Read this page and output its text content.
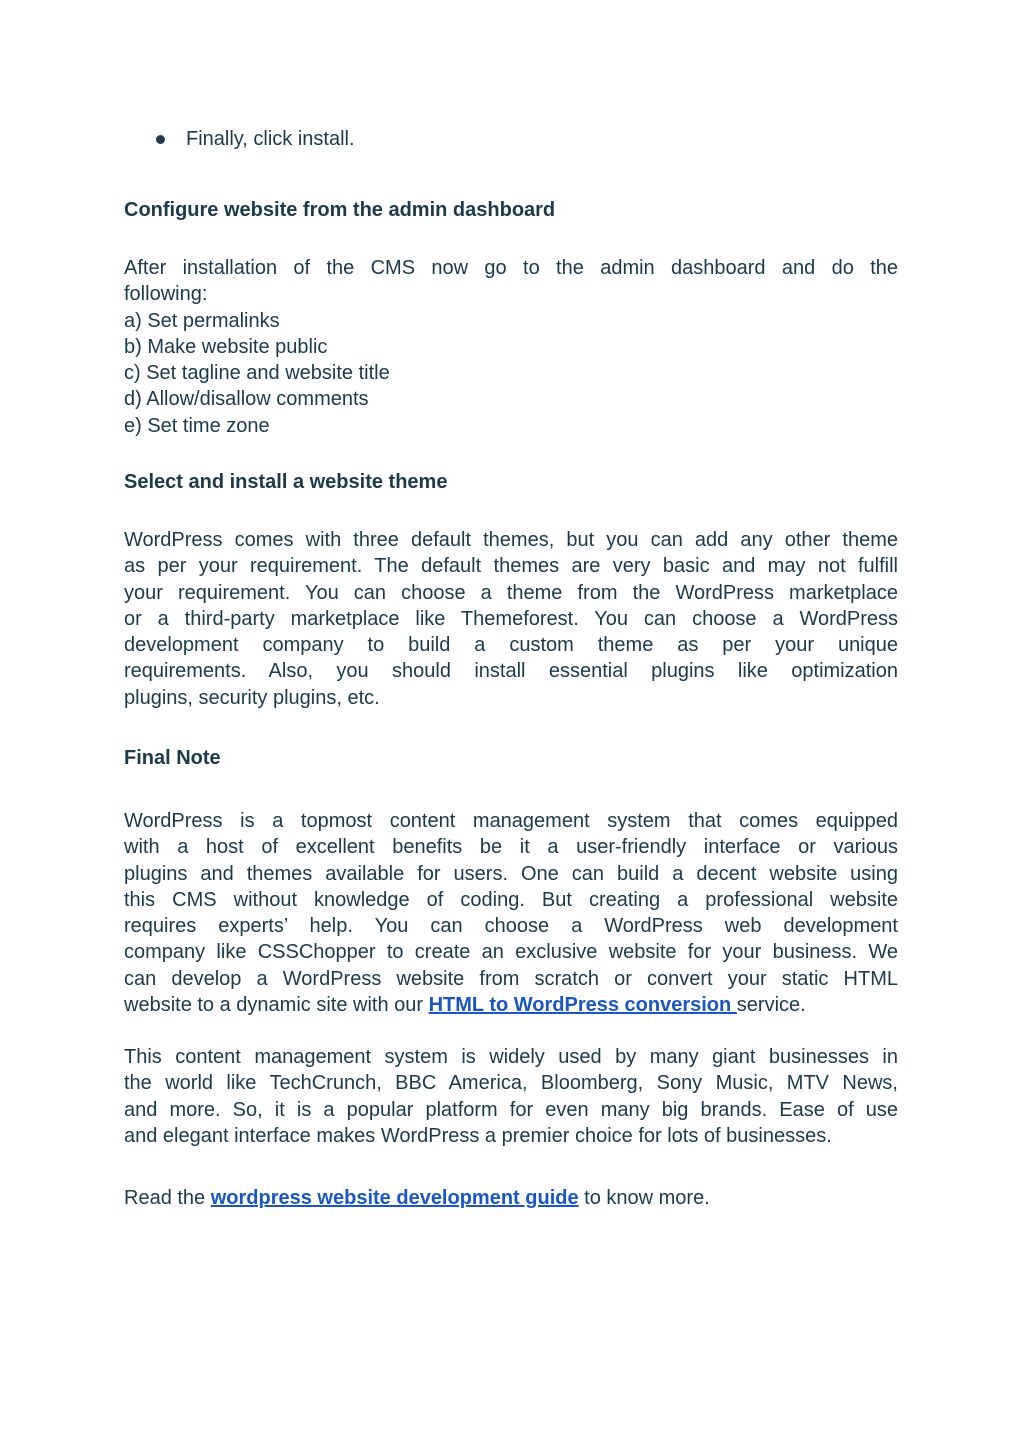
Finally, click install.
Configure website from the admin dashboard
After installation of the CMS now go to the admin dashboard and do the
following:
a) Set permalinks
b) Make website public
c) Set tagline and website title
d) Allow/disallow comments
e) Set time zone
Select and install a website theme
WordPress comes with three default themes, but you can add any other theme
as per your requirement. The default themes are very basic and may not fulfill
your requirement. You can choose a theme from the WordPress marketplace
or a third-party marketplace like Themeforest. You can choose a WordPress
development company to build a custom theme as per your unique
requirements. Also, you should install essential plugins like optimization
plugins, security plugins, etc.
Final Note
WordPress is a topmost content management system that comes equipped
with a host of excellent benefits be it a user-friendly interface or various
plugins and themes available for users. One can build a decent website using
this CMS without knowledge of coding. But creating a professional website
requires experts’ help. You can choose a WordPress web development
company like CSSChopper to create an exclusive website for your business. We
can develop a WordPress website from scratch or convert your static HTML
website to a dynamic site with our HTML to WordPress conversion service.
This content management system is widely used by many giant businesses in
the world like TechCrunch, BBC America, Bloomberg, Sony Music, MTV News,
and more. So, it is a popular platform for even many big brands. Ease of use
and elegant interface makes WordPress a premier choice for lots of businesses.
Read the wordpress website development guide to know more.
